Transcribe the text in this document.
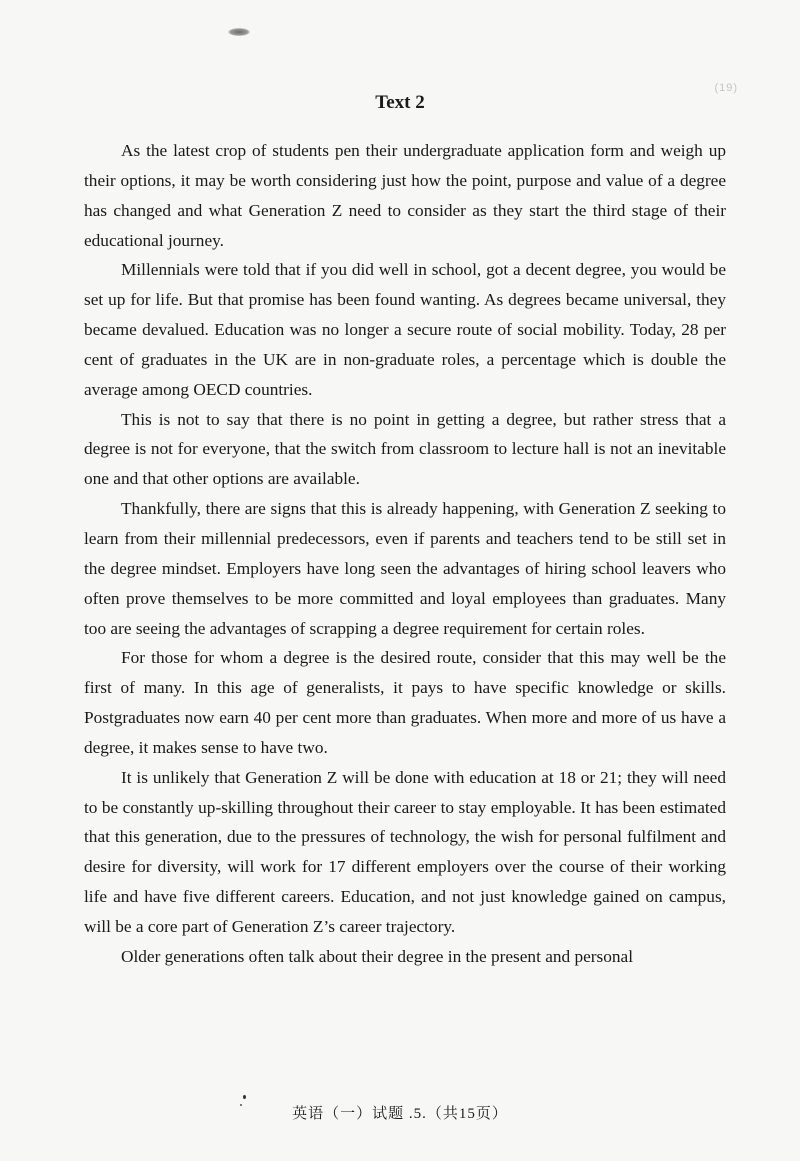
(19)
Text 2

As the latest crop of students pen their undergraduate application form and weigh up their options, it may be worth considering just how the point, purpose and value of a degree has changed and what Generation Z need to consider as they start the third stage of their educational journey.

Millennials were told that if you did well in school, got a decent degree, you would be set up for life. But that promise has been found wanting. As degrees became universal, they became devalued. Education was no longer a secure route of social mobility. Today, 28 per cent of graduates in the UK are in non-graduate roles, a percentage which is double the average among OECD countries.

This is not to say that there is no point in getting a degree, but rather stress that a degree is not for everyone, that the switch from classroom to lecture hall is not an inevitable one and that other options are available.

Thankfully, there are signs that this is already happening, with Generation Z seeking to learn from their millennial predecessors, even if parents and teachers tend to be still set in the degree mindset. Employers have long seen the advantages of hiring school leavers who often prove themselves to be more committed and loyal employees than graduates. Many too are seeing the advantages of scrapping a degree requirement for certain roles.

For those for whom a degree is the desired route, consider that this may well be the first of many. In this age of generalists, it pays to have specific knowledge or skills. Postgraduates now earn 40 per cent more than graduates. When more and more of us have a degree, it makes sense to have two.

It is unlikely that Generation Z will be done with education at 18 or 21; they will need to be constantly up-skilling throughout their career to stay employable. It has been estimated that this generation, due to the pressures of technology, the wish for personal fulfilment and desire for diversity, will work for 17 different employers over the course of their working life and have five different careers. Education, and not just knowledge gained on campus, will be a core part of Generation Z’s career trajectory.

Older generations often talk about their degree in the present and personal

英语（一）试题 .5.（共15页）
